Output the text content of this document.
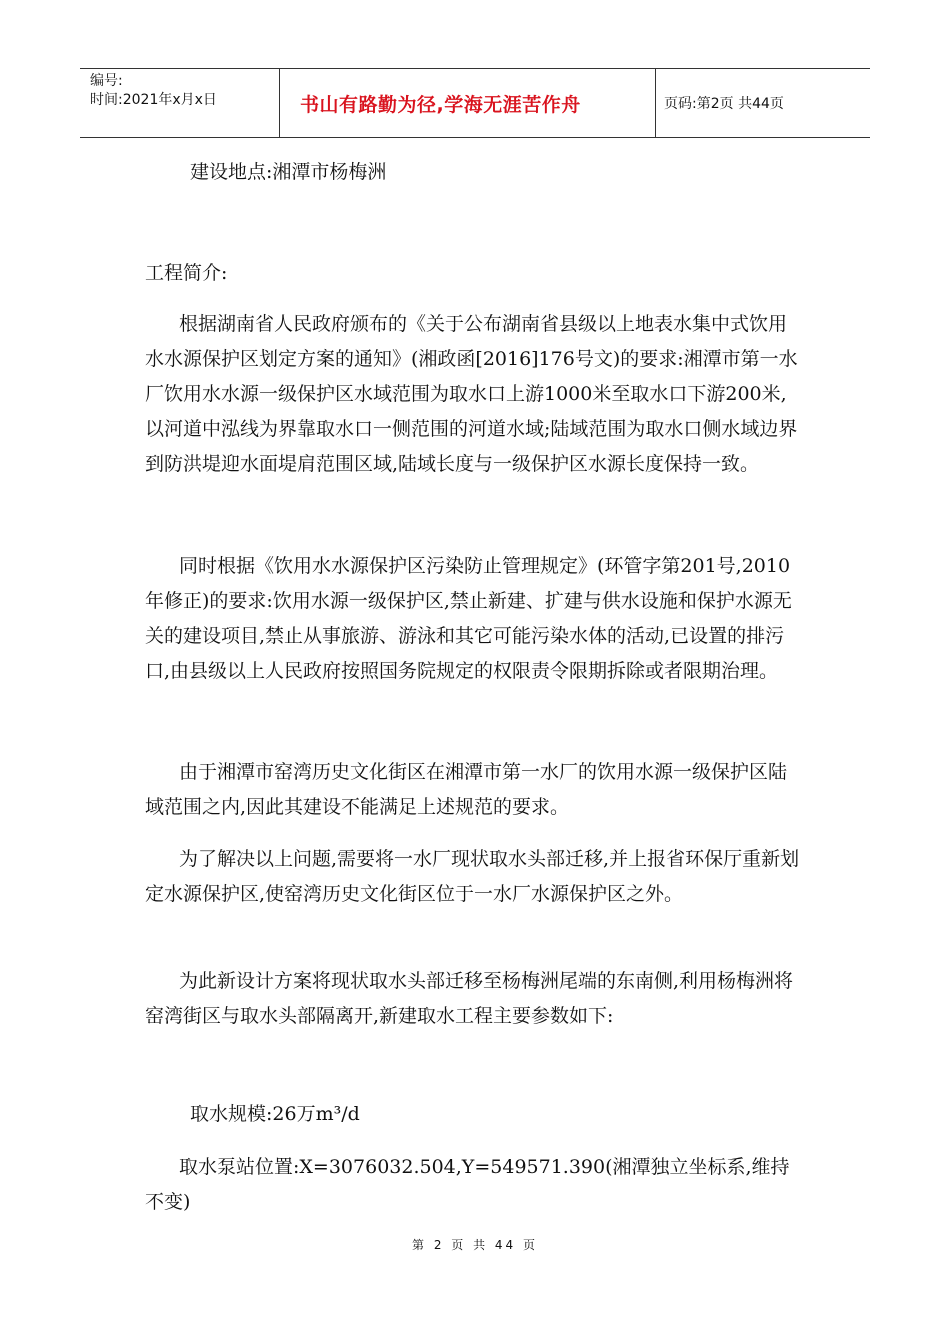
编号:
时间:2021年x月x日	书山有路勤为径,学海无涯苦作舟	页码:第2页 共44页

建设地点:湘潭市杨梅洲

工程简介:

根据湖南省人民政府颁布的《关于公布湖南省县级以上地表水集中式饮用水水源保护区划定方案的通知》(湘政函[2016]176号文)的要求:湘潭市第一水厂饮用水水源一级保护区水域范围为取水口上游1000米至取水口下游200米,以河道中泓线为界靠取水口一侧范围的河道水域;陆域范围为取水口侧水域边界到防洪堤迎水面堤肩范围区域,陆域长度与一级保护区水源长度保持一致。

同时根据《饮用水水源保护区污染防止管理规定》(环管字第201号,2010年修正)的要求:饮用水源一级保护区,禁止新建、扩建与供水设施和保护水源无关的建设项目,禁止从事旅游、游泳和其它可能污染水体的活动,已设置的排污口,由县级以上人民政府按照国务院规定的权限责令限期拆除或者限期治理。

由于湘潭市窑湾历史文化街区在湘潭市第一水厂的饮用水源一级保护区陆域范围之内,因此其建设不能满足上述规范的要求。

为了解决以上问题,需要将一水厂现状取水头部迁移,并上报省环保厅重新划定水源保护区,使窑湾历史文化街区位于一水厂水源保护区之外。

为此新设计方案将现状取水头部迁移至杨梅洲尾端的东南侧,利用杨梅洲将窑湾街区与取水头部隔离开,新建取水工程主要参数如下:

取水规模:26万m³/d

取水泵站位置:X=3076032.504,Y=549571.390(湘潭独立坐标系,维持不变)

第 2 页 共 44 页
